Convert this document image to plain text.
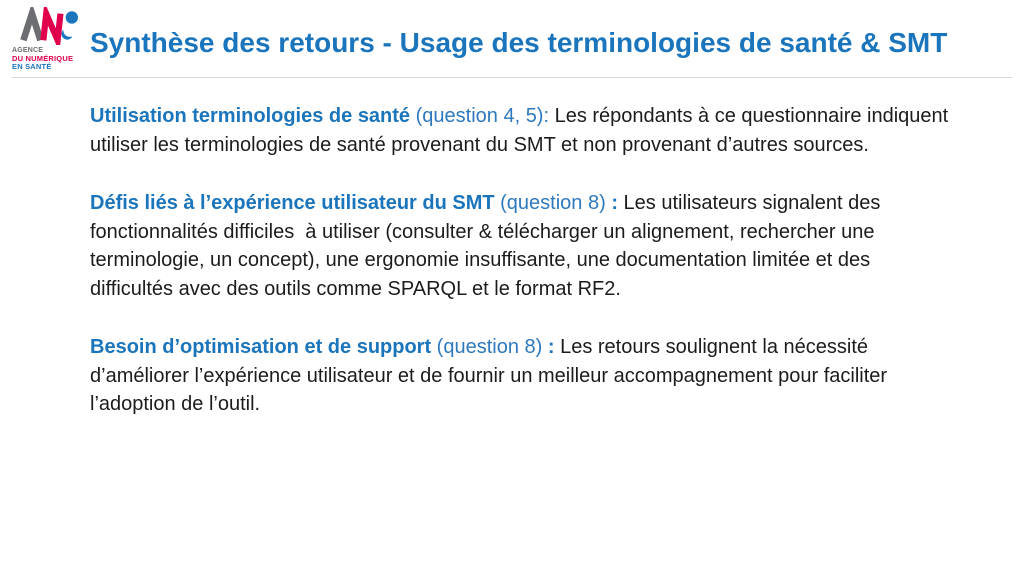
AGENCE
DU NUMÉRIQUE
EN SANTÉ
Synthèse des retours - Usage des terminologies de santé & SMT

Utilisation terminologies de santé (question 4, 5): Les répondants à ce questionnaire indiquent utiliser les terminologies de santé provenant du SMT et non provenant d’autres sources.

Défis liés à l’expérience utilisateur du SMT (question 8) : Les utilisateurs signalent des fonctionnalités difficiles  à utiliser (consulter & télécharger un alignement, rechercher une terminologie, un concept), une ergonomie insuffisante, une documentation limitée et des difficultés avec des outils comme SPARQL et le format RF2.

Besoin d’optimisation et de support (question 8) : Les retours soulignent la nécessité d’améliorer l’expérience utilisateur et de fournir un meilleur accompagnement pour faciliter l’adoption de l’outil.
